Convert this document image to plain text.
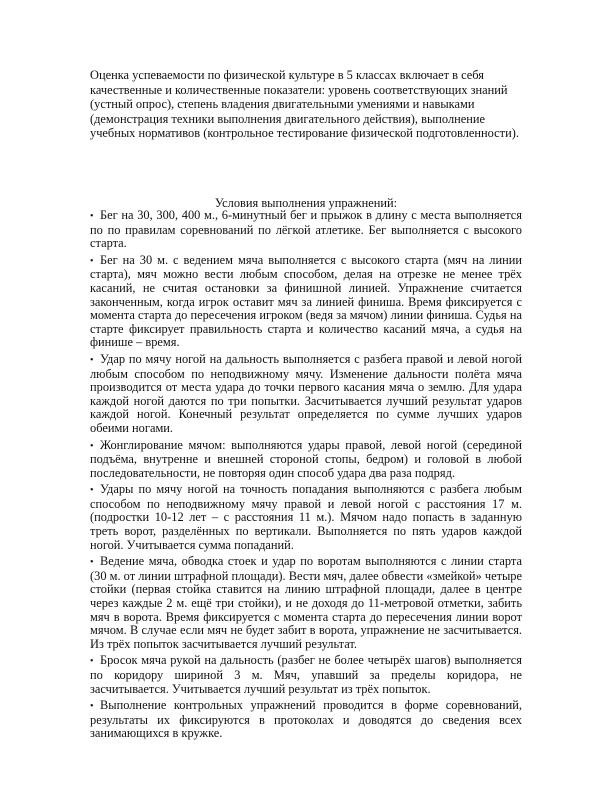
Оценка успеваемости по физической культуре в 5 классах включает в себя качественные и количественные показатели: уровень соответствующих знаний (устный опрос), степень владения двигательными умениями и навыками (демонстрация техники выполнения двигательного действия), выполнение учебных нормативов (контрольное тестирование физической подготовленности).

Условия выполнения упражнений:

• Бег на 30, 300, 400 м., 6-минутный бег и прыжок в длину с места выполняется по по правилам соревнований по лёгкой атлетике. Бег выполняется с высокого старта.
• Бег на 30 м. с ведением мяча выполняется с высокого старта (мяч на линии старта), мяч можно вести любым способом, делая на отрезке не менее трёх касаний, не считая остановки за финишной линией. Упражнение считается законченным, когда игрок оставит мяч за линией финиша. Время фиксируется с момента старта до пересечения игроком (ведя за мячом) линии финиша. Судья на старте фиксирует правильность старта и количество касаний мяча, а судья на финише – время.
• Удар по мячу ногой на дальность выполняется с разбега правой и левой ногой любым способом по неподвижному мячу. Изменение дальности полёта мяча производится от места удара до точки первого касания мяча о землю. Для удара каждой ногой даются по три попытки. Засчитывается лучший результат ударов каждой ногой. Конечный результат определяется по сумме лучших ударов обеими ногами.
• Жонглирование мячом: выполняются удары правой, левой ногой (серединой подъёма, внутренне и внешней стороной стопы, бедром) и головой в любой последовательности, не повторяя один способ удара два раза подряд.
• Удары по мячу ногой на точность попадания выполняются с разбега любым способом по неподвижному мячу правой и левой ногой с расстояния 17 м. (подростки 10-12 лет – с расстояния 11 м.). Мячом надо попасть в заданную треть ворот, разделённых по вертикали. Выполняется по пять ударов каждой ногой. Учитывается сумма попаданий.
• Ведение мяча, обводка стоек и удар по воротам выполняются с линии старта (30 м. от линии штрафной площади). Вести мяч, далее обвести «змейкой» четыре стойки (первая стойка ставится на линию штрафной площади, далее в центре через каждые 2 м. ещё три стойки), и не доходя до 11-метровой отметки, забить мяч в ворота. Время фиксируется с момента старта до пересечения линии ворот мячом. В случае если мяч не будет забит в ворота, упражнение не засчитывается. Из трёх попыток засчитывается лучший результат.
• Бросок мяча рукой на дальность (разбег не более четырёх шагов) выполняется по коридору шириной 3 м. Мяч, упавший за пределы коридора, не засчитывается. Учитывается лучший результат из трёх попыток.
• Выполнение контрольных упражнений проводится в форме соревнований, результаты их фиксируются в протоколах и доводятся до сведения всех занимающихся в кружке.
